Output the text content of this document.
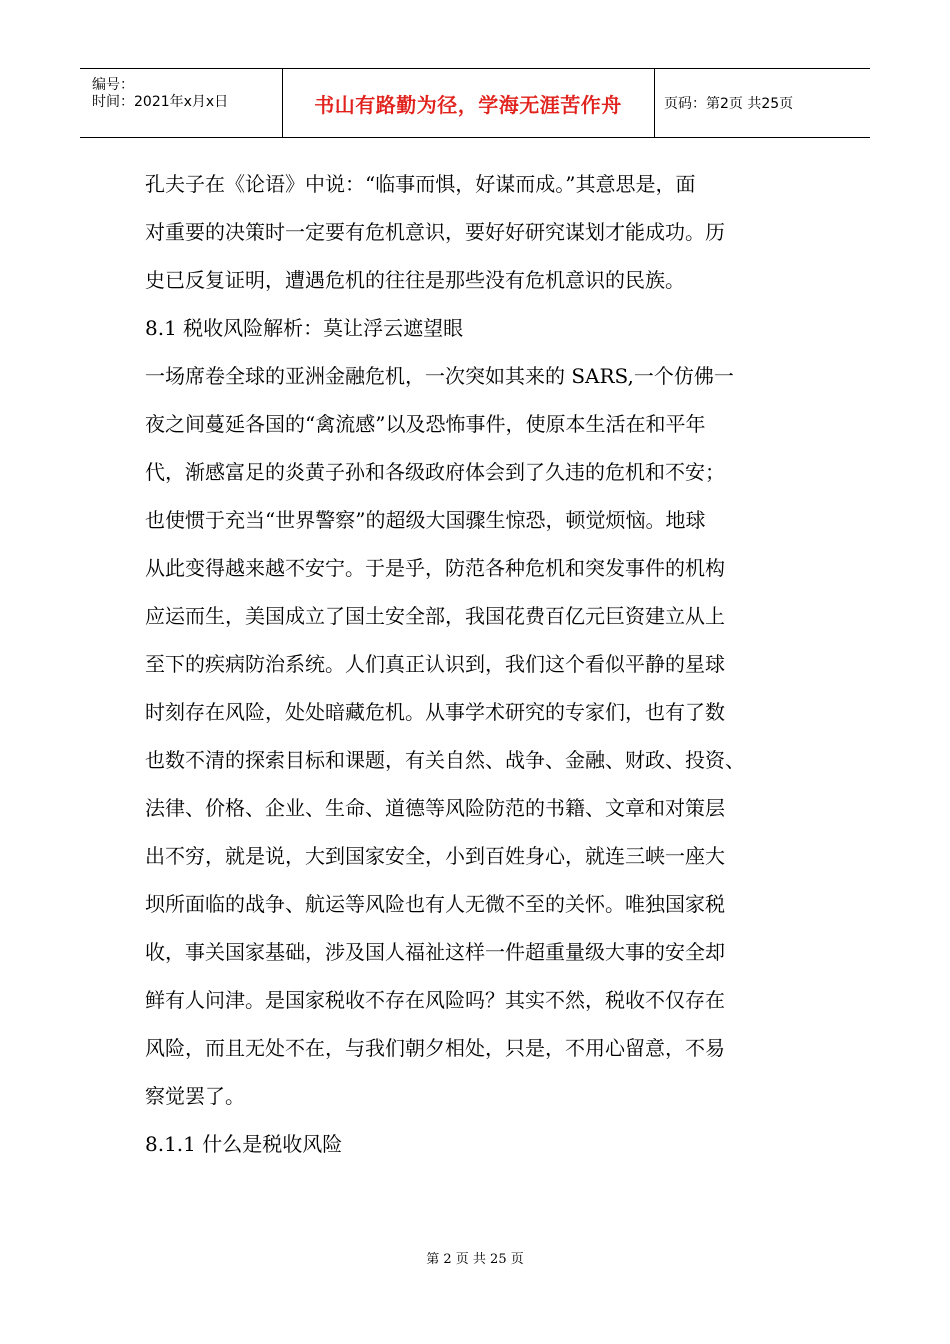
编号：
时间：2021年x月x日	书山有路勤为径，学海无涯苦作舟	页码：第2页 共25页

孔夫子在《论语》中说：“临事而惧，好谋而成。”其意思是，面

对重要的决策时一定要有危机意识，要好好研究谋划才能成功。历

史已反复证明，遭遇危机的往往是那些没有危机意识的民族。

8.1 税收风险解析：莫让浮云遮望眼

一场席卷全球的亚洲金融危机，一次突如其来的 SARS,一个仿佛一

夜之间蔓延各国的“禽流感”以及恐怖事件，使原本生活在和平年

代，渐感富足的炎黄子孙和各级政府体会到了久违的危机和不安；

也使惯于充当“世界警察”的超级大国骤生惊恐，顿觉烦恼。地球

从此变得越来越不安宁。于是乎，防范各种危机和突发事件的机构

应运而生，美国成立了国土安全部，我国花费百亿元巨资建立从上

至下的疾病防治系统。人们真正认识到，我们这个看似平静的星球

时刻存在风险，处处暗藏危机。从事学术研究的专家们，也有了数

也数不清的探索目标和课题，有关自然、战争、金融、财政、投资、

法律、价格、企业、生命、道德等风险防范的书籍、文章和对策层

出不穷，就是说，大到国家安全，小到百姓身心，就连三峡一座大

坝所面临的战争、航运等风险也有人无微不至的关怀。唯独国家税

收，事关国家基础，涉及国人福祉这样一件超重量级大事的安全却

鲜有人问津。是国家税收不存在风险吗？其实不然，税收不仅存在

风险，而且无处不在，与我们朝夕相处，只是，不用心留意，不易

察觉罢了。

8.1.1 什么是税收风险

第 2 页 共 25 页
